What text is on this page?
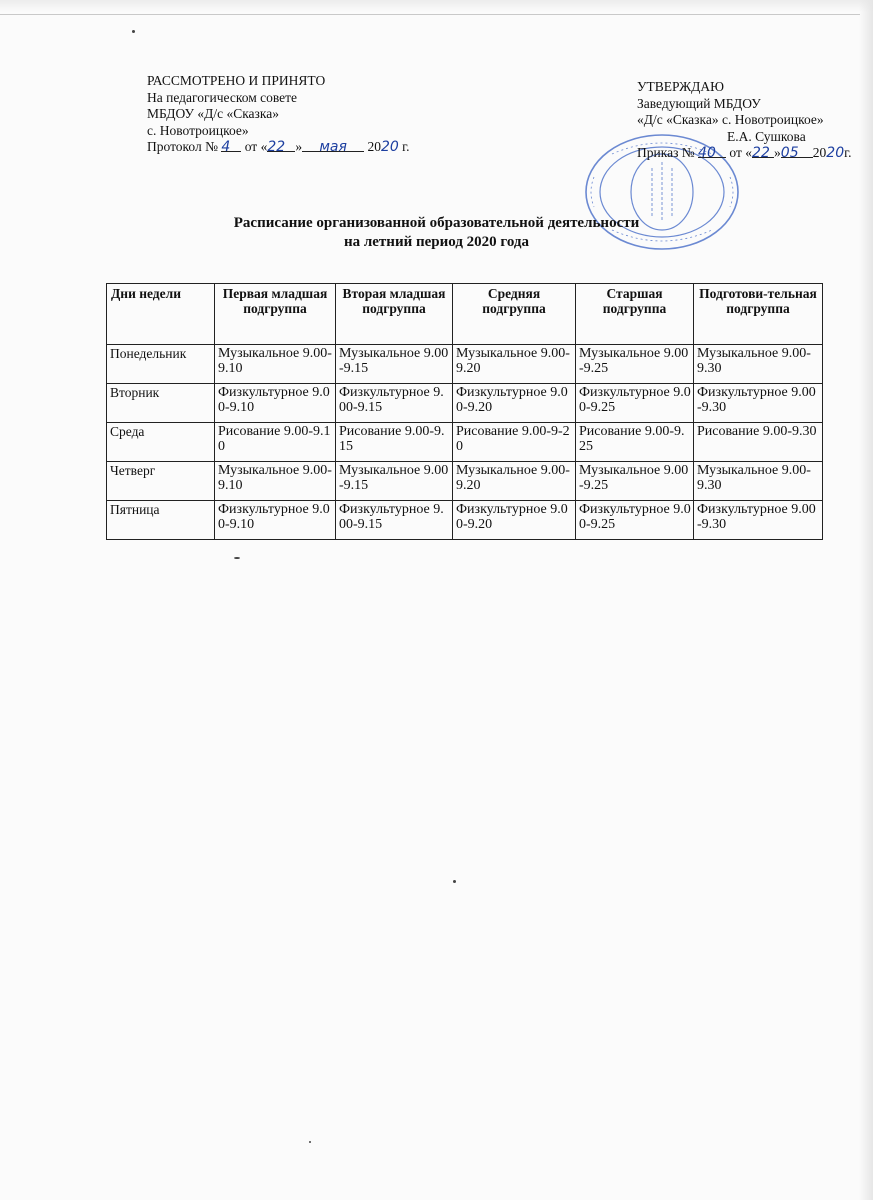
РАССМОТРЕНО И ПРИНЯТО
На педагогическом совете
МБДОУ «Д/с «Сказка»
с. Новотроицкое»
Протокол № 4 от «22 » мая 2020 г.
УТВЕРЖДАЮ
Заведующий МБДОУ
«Д/с «Сказка» с. Новотроицкое»
Е.А. Сушкова
Приказ № 40 от «22 »05 2020г.
Расписание организованной образовательной деятельности
на летний период 2020 года
Дни недели	Первая младшая подгруппа	Вторая младшая подгруппа	Средняя подгруппа	Старшая подгруппа	Подготови-тельная подгруппа
Понедельник	Музыкальное 9.00-9.10	Музыкальное 9.00-9.15	Музыкальное 9.00-9.20	Музыкальное 9.00-9.25	Музыкальное 9.00-9.30
Вторник	Физкультурное 9.00-9.10	Физкультурное 9.00-9.15	Физкультурное 9.00-9.20	Физкультурное 9.00-9.25	Физкультурное 9.00-9.30
Среда	Рисование 9.00-9.10	Рисование 9.00-9.15	Рисование 9.00-9-20	Рисование 9.00-9.25	Рисование 9.00-9.30
Четверг	Музыкальное 9.00-9.10	Музыкальное 9.00-9.15	Музыкальное 9.00-9.20	Музыкальное 9.00-9.25	Музыкальное 9.00-9.30
Пятница	Физкультурное 9.00-9.10	Физкультурное 9.00-9.15	Физкультурное 9.00-9.20	Физкультурное 9.00-9.25	Физкультурное 9.00-9.30
